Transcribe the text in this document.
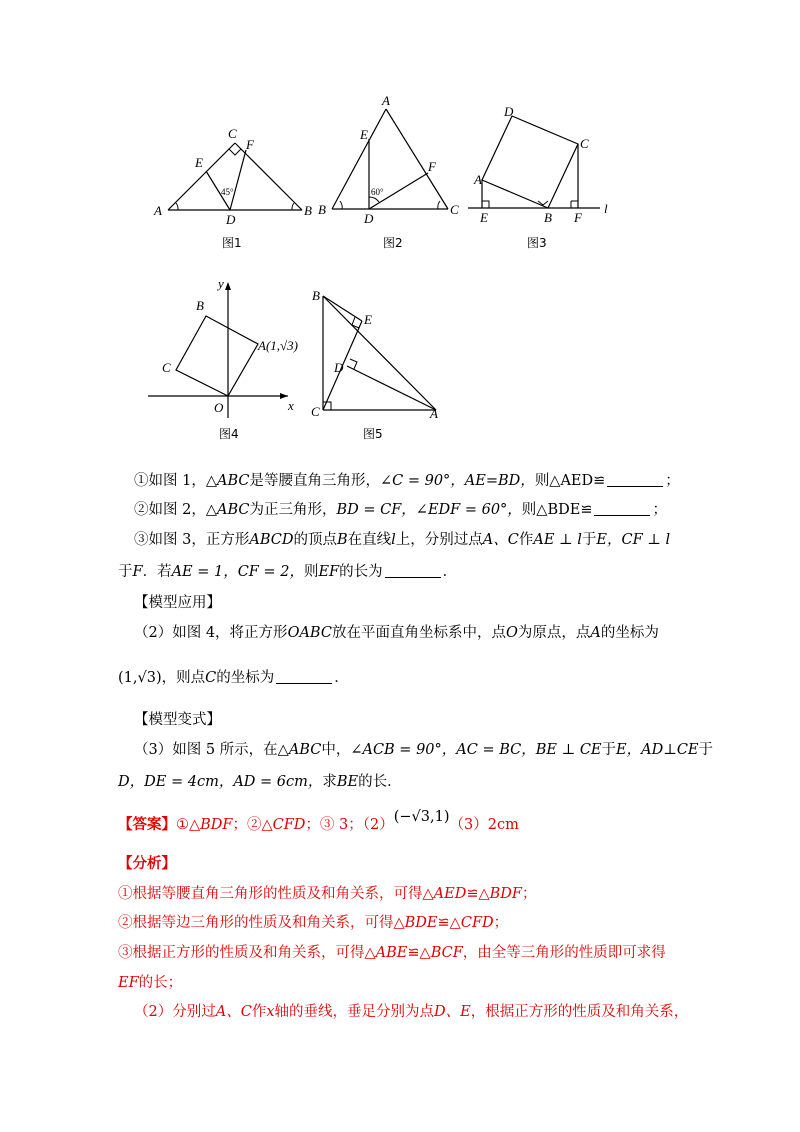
A	B
C
D
E
F
45°
图1
A
B	C
D
E
F
60°
图2
A
B
C
D
E	F
l
图3
O	x
y
B
C
A(1,√3)
图4
B
E
D
C	A
图5
①如图 1，△ABC是等腰直角三角形，∠C = 90°，AE=BD，则△AED≌	；
②如图 2，△ABC为正三角形，BD = CF，∠EDF = 60°，则△BDE≌	；
③如图 3，正方形ABCD的顶点B在直线l上，分别过点A、C作AE ⊥ l于E，CF ⊥ l
于F．若AE = 1，CF = 2，则EF的长为	．
【模型应用】
（2）如图 4，将正方形OABC放在平面直角坐标系中，点O为原点，点A的坐标为
(1,√3)，则点C的坐标为	．
【模型变式】
（3）如图 5 所示，在△ABC中，∠ACB = 90°，AC = BC，BE ⊥ CE于E，AD⊥CE于
D，DE = 4cm，AD = 6cm，求BE的长．
【答案】①△BDF；②△CFD；③ 3；（2）(−√3,1)（3）2cm
【分析】
①根据等腰直角三角形的性质及和角关系，可得△AED≌△BDF；
②根据等边三角形的性质及和角关系，可得△BDE≌△CFD；
③根据正方形的性质及和角关系，可得△ABE≌△BCF，由全等三角形的性质即可求得
EF的长；
（2）分别过A、C作x轴的垂线，垂足分别为点D、E，根据正方形的性质及和角关系，
